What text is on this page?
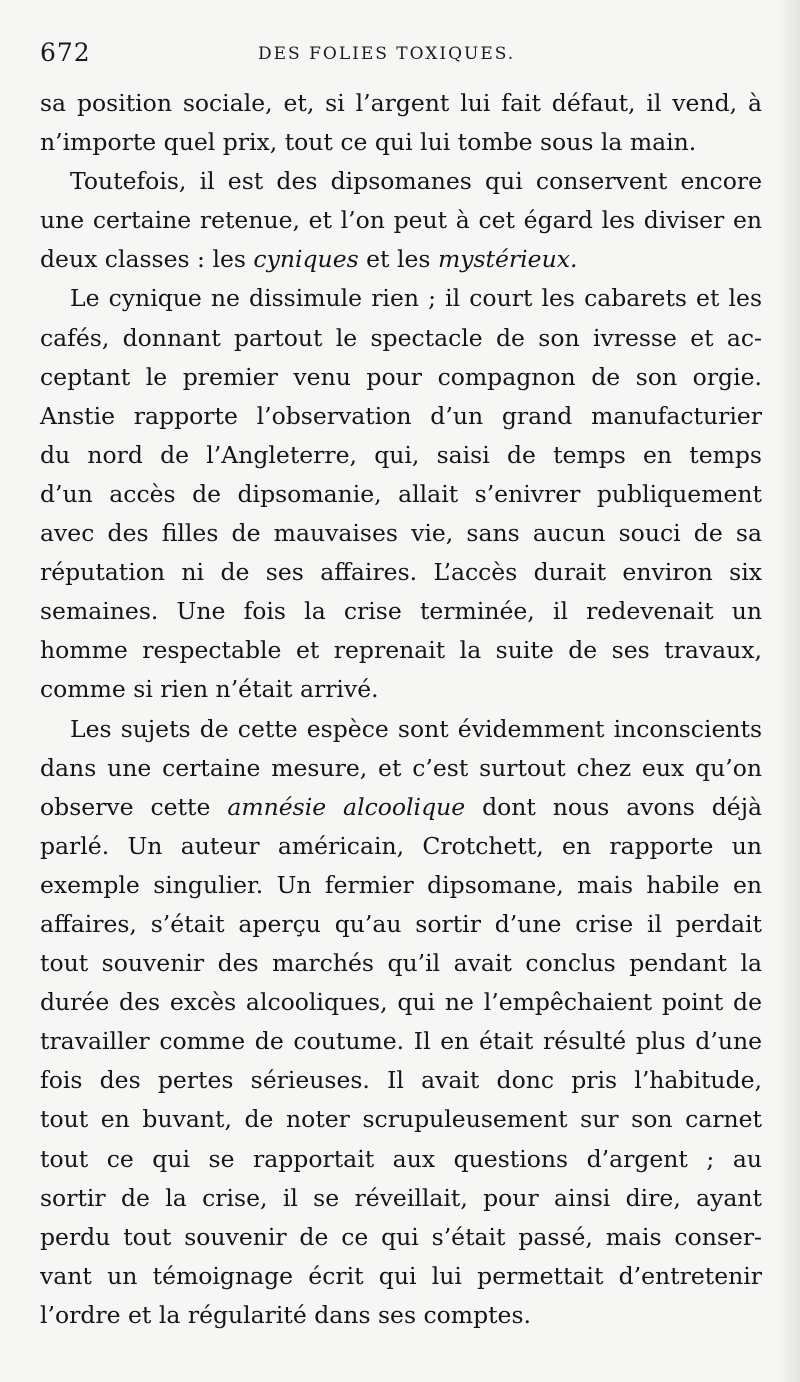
672	DES FOLIES TOXIQUES.
sa position sociale, et, si l’argent lui fait défaut, il vend, à
n’importe quel prix, tout ce qui lui tombe sous la main.
Toutefois, il est des dipsomanes qui conservent encore
une certaine retenue, et l’on peut à cet égard les diviser en
deux classes : les cyniques et les mystérieux.
Le cynique ne dissimule rien ; il court les cabarets et les
cafés, donnant partout le spectacle de son ivresse et ac-
ceptant le premier venu pour compagnon de son orgie.
Anstie rapporte l’observation d’un grand manufacturier
du nord de l’Angleterre, qui, saisi de temps en temps
d’un accès de dipsomanie, allait s’enivrer publiquement
avec des filles de mauvaises vie, sans aucun souci de sa
réputation ni de ses affaires. L’accès durait environ six
semaines. Une fois la crise terminée, il redevenait un
homme respectable et reprenait la suite de ses travaux,
comme si rien n’était arrivé.
Les sujets de cette espèce sont évidemment inconscients
dans une certaine mesure, et c’est surtout chez eux qu’on
observe cette amnésie alcoolique dont nous avons déjà
parlé. Un auteur américain, Crotchett, en rapporte un
exemple singulier. Un fermier dipsomane, mais habile en
affaires, s’était aperçu qu’au sortir d’une crise il perdait
tout souvenir des marchés qu’il avait conclus pendant la
durée des excès alcooliques, qui ne l’empêchaient point de
travailler comme de coutume. Il en était résulté plus d’une
fois des pertes sérieuses. Il avait donc pris l’habitude,
tout en buvant, de noter scrupuleusement sur son carnet
tout ce qui se rapportait aux questions d’argent ; au
sortir de la crise, il se réveillait, pour ainsi dire, ayant
perdu tout souvenir de ce qui s’était passé, mais conser-
vant un témoignage écrit qui lui permettait d’entretenir
l’ordre et la régularité dans ses comptes.
